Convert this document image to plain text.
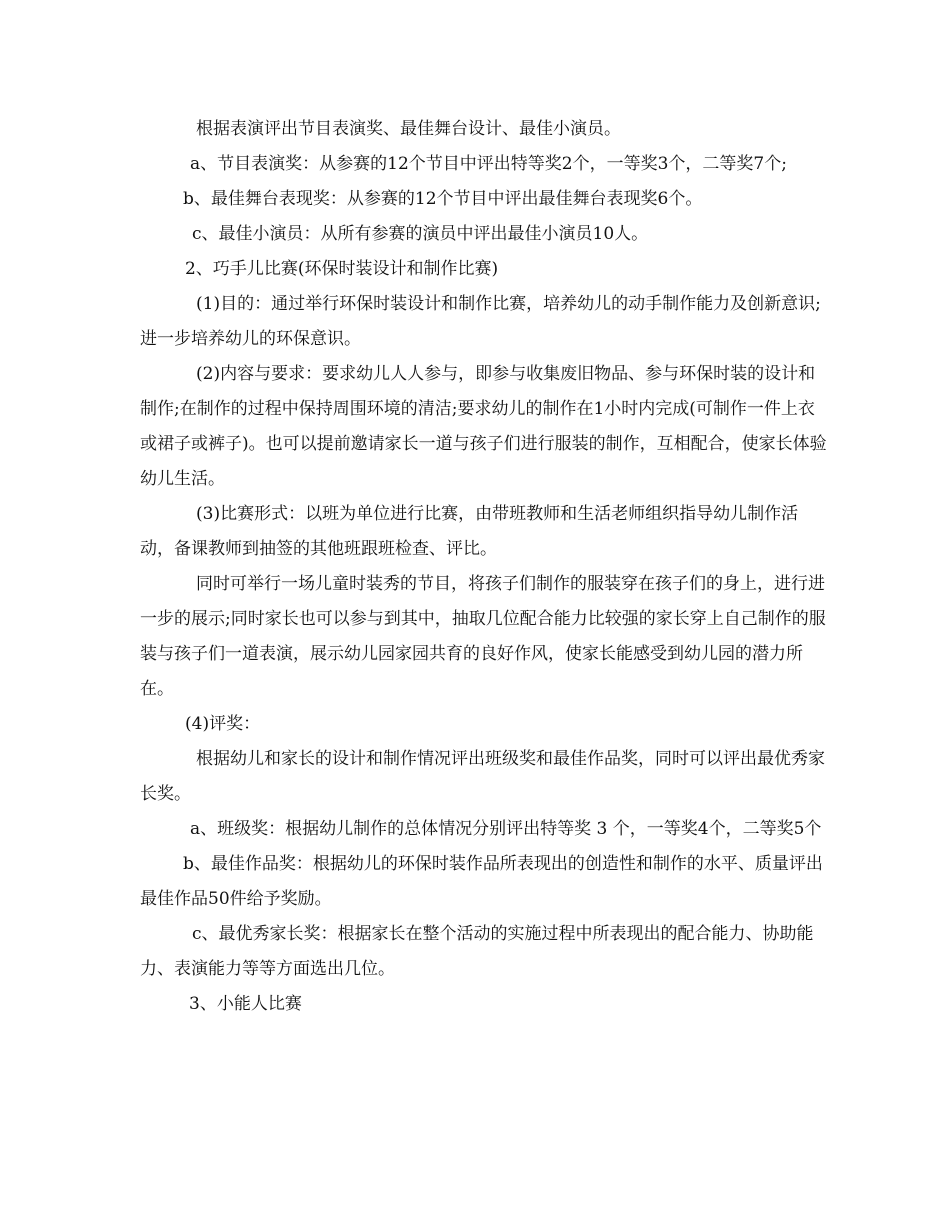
根据表演评出节目表演奖、最佳舞台设计、最佳小演员。

a、节目表演奖：从参赛的12个节目中评出特等奖2个，一等奖3个，二等奖7个;

b、最佳舞台表现奖：从参赛的12个节目中评出最佳舞台表现奖6个。

c、最佳小演员：从所有参赛的演员中评出最佳小演员10人。

2、巧手儿比赛(环保时装设计和制作比赛)

(1)目的：通过举行环保时装设计和制作比赛，培养幼儿的动手制作能力及创新意识;进一步培养幼儿的环保意识。

(2)内容与要求：要求幼儿人人参与，即参与收集废旧物品、参与环保时装的设计和制作;在制作的过程中保持周围环境的清洁;要求幼儿的制作在1小时内完成(可制作一件上衣或裙子或裤子)。也可以提前邀请家长一道与孩子们进行服装的制作，互相配合，使家长体验幼儿生活。

(3)比赛形式：以班为单位进行比赛，由带班教师和生活老师组织指导幼儿制作活动，备课教师到抽签的其他班跟班检查、评比。

同时可举行一场儿童时装秀的节目，将孩子们制作的服装穿在孩子们的身上，进行进一步的展示;同时家长也可以参与到其中，抽取几位配合能力比较强的家长穿上自己制作的服装与孩子们一道表演，展示幼儿园家园共育的良好作风，使家长能感受到幼儿园的潜力所在。

(4)评奖：

根据幼儿和家长的设计和制作情况评出班级奖和最佳作品奖，同时可以评出最优秀家长奖。

a、班级奖：根据幼儿制作的总体情况分别评出特等奖 3 个，一等奖4个，二等奖5个

b、最佳作品奖：根据幼儿的环保时装作品所表现出的创造性和制作的水平、质量评出最佳作品50件给予奖励。

c、最优秀家长奖：根据家长在整个活动的实施过程中所表现出的配合能力、协助能力、表演能力等等方面选出几位。

3、小能人比赛
